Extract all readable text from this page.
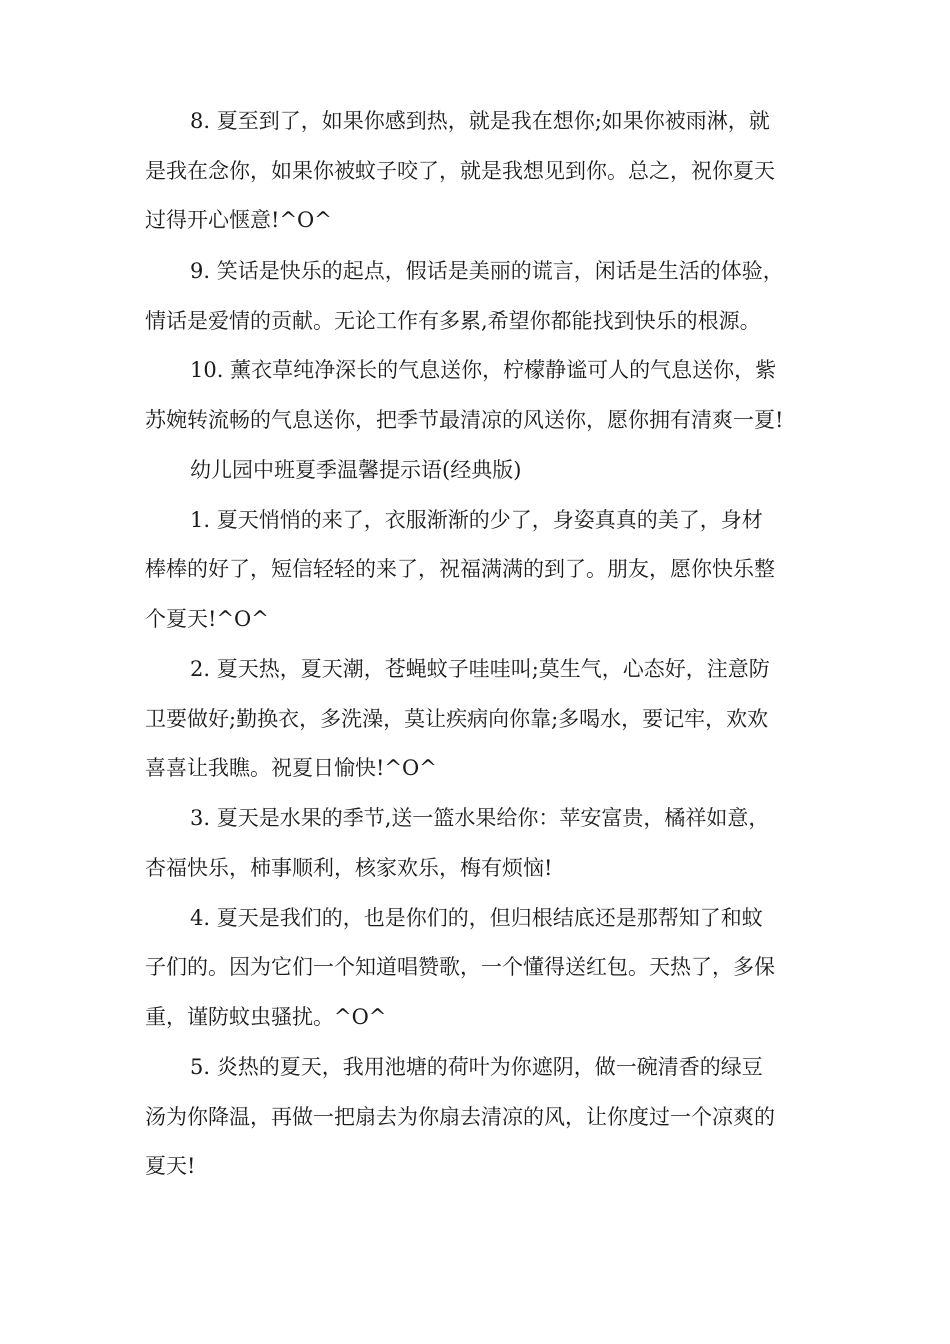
8. 夏至到了，如果你感到热，就是我在想你;如果你被雨淋，就
是我在念你，如果你被蚊子咬了，就是我想见到你。总之，祝你夏天
过得开心惬意!^O^
9. 笑话是快乐的起点，假话是美丽的谎言，闲话是生活的体验，
情话是爱情的贡献。无论工作有多累,希望你都能找到快乐的根源。
10. 薰衣草纯净深长的气息送你，柠檬静谧可人的气息送你，紫
苏婉转流畅的气息送你，把季节最清凉的风送你，愿你拥有清爽一夏!
幼儿园中班夏季温馨提示语(经典版)
1. 夏天悄悄的来了，衣服渐渐的少了，身姿真真的美了，身材
棒棒的好了，短信轻轻的来了，祝福满满的到了。朋友，愿你快乐整
个夏天!^O^
2. 夏天热，夏天潮，苍蝇蚊子哇哇叫;莫生气，心态好，注意防
卫要做好;勤换衣，多洗澡，莫让疾病向你靠;多喝水，要记牢，欢欢
喜喜让我瞧。祝夏日愉快!^O^
3. 夏天是水果的季节,送一篮水果给你：苹安富贵，橘祥如意，
杏福快乐，柿事顺利，核家欢乐，梅有烦恼!
4. 夏天是我们的，也是你们的，但归根结底还是那帮知了和蚊
子们的。因为它们一个知道唱赞歌，一个懂得送红包。天热了，多保
重，谨防蚊虫骚扰。^O^
5. 炎热的夏天，我用池塘的荷叶为你遮阴，做一碗清香的绿豆
汤为你降温，再做一把扇去为你扇去清凉的风，让你度过一个凉爽的
夏天!
